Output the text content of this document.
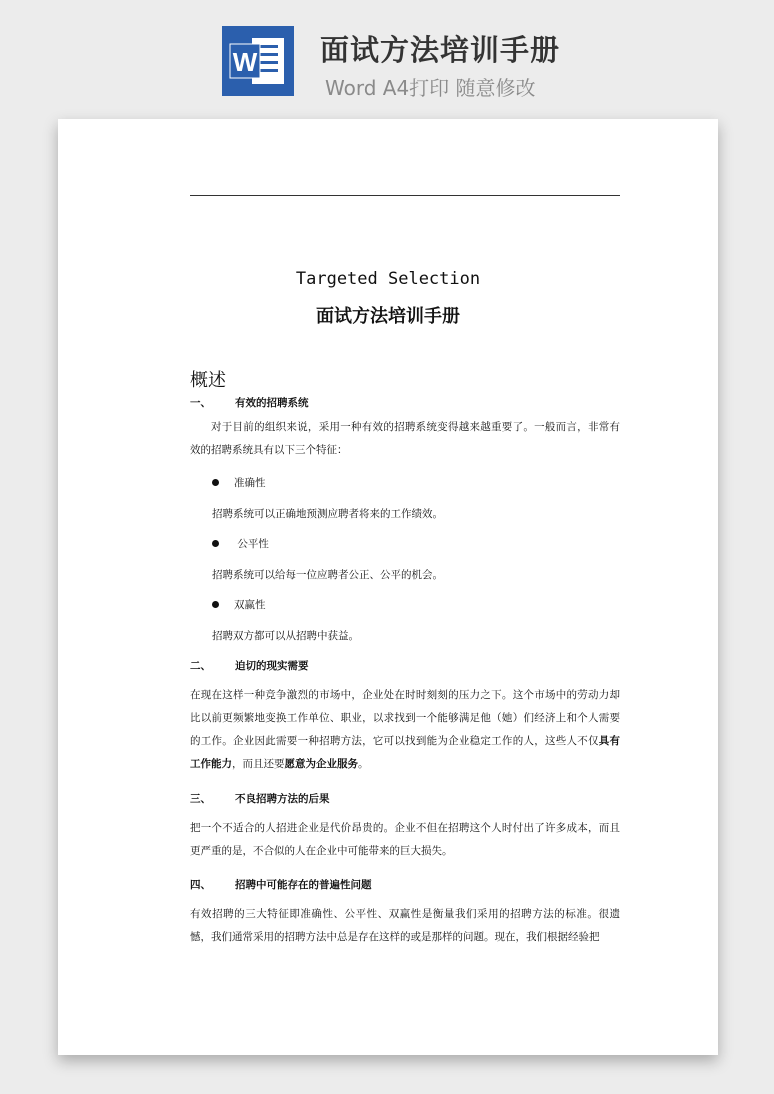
W 面试方法培训手册
Word A4打印 随意修改
Targeted Selection
面试方法培训手册
概述
一、 有效的招聘系统
对于目前的组织来说，采用一种有效的招聘系统变得越来越重要了。一般而言，非常有效的招聘系统具有以下三个特征：
准确性
招聘系统可以正确地预测应聘者将来的工作绩效。
公平性
招聘系统可以给每一位应聘者公正、公平的机会。
双赢性
招聘双方都可以从招聘中获益。
二、 迫切的现实需要
在现在这样一种竞争激烈的市场中，企业处在时时刻刻的压力之下。这个市场中的劳动力却比以前更频繁地变换工作单位、职业，以求找到一个能够满足他（她）们经济上和个人需要的工作。企业因此需要一种招聘方法，它可以找到能为企业稳定工作的人，这些人不仅具有工作能力，而且还要愿意为企业服务。
三、 不良招聘方法的后果
把一个不适合的人招进企业是代价昂贵的。企业不但在招聘这个人时付出了许多成本，而且更严重的是，不合似的人在企业中可能带来的巨大损失。
四、 招聘中可能存在的普遍性问题
有效招聘的三大特征即准确性、公平性、双赢性是衡量我们采用的招聘方法的标准。很遗憾，我们通常采用的招聘方法中总是存在这样的或是那样的问题。现在，我们根据经验把
